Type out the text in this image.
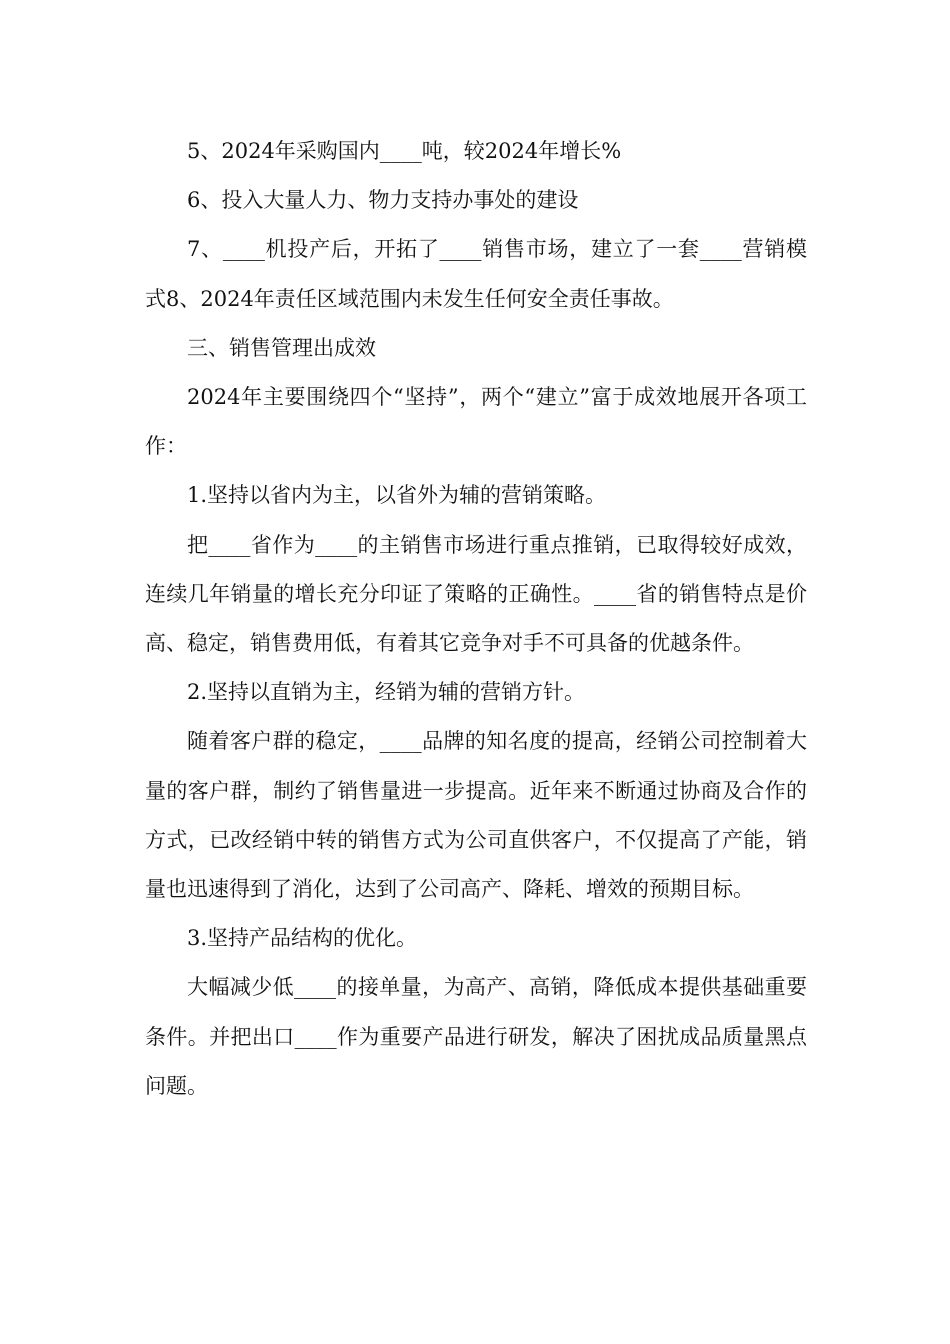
5、2024年采购国内____吨，较2024年增长%

6、投入大量人力、物力支持办事处的建设

7、____机投产后，开拓了____销售市场，建立了一套____营销模式8、2024年责任区域范围内未发生任何安全责任事故。

三、销售管理出成效

2024年主要围绕四个“坚持”，两个“建立”富于成效地展开各项工作：

1.坚持以省内为主，以省外为辅的营销策略。

把____省作为____的主销售市场进行重点推销，已取得较好成效，连续几年销量的增长充分印证了策略的正确性。____省的销售特点是价高、稳定，销售费用低，有着其它竞争对手不可具备的优越条件。

2.坚持以直销为主，经销为辅的营销方针。

随着客户群的稳定，____品牌的知名度的提高，经销公司控制着大量的客户群，制约了销售量进一步提高。近年来不断通过协商及合作的方式，已改经销中转的销售方式为公司直供客户，不仅提高了产能，销量也迅速得到了消化，达到了公司高产、降耗、增效的预期目标。

3.坚持产品结构的优化。

大幅减少低____的接单量，为高产、高销，降低成本提供基础重要条件。并把出口____作为重要产品进行研发，解决了困扰成品质量黑点问题。
